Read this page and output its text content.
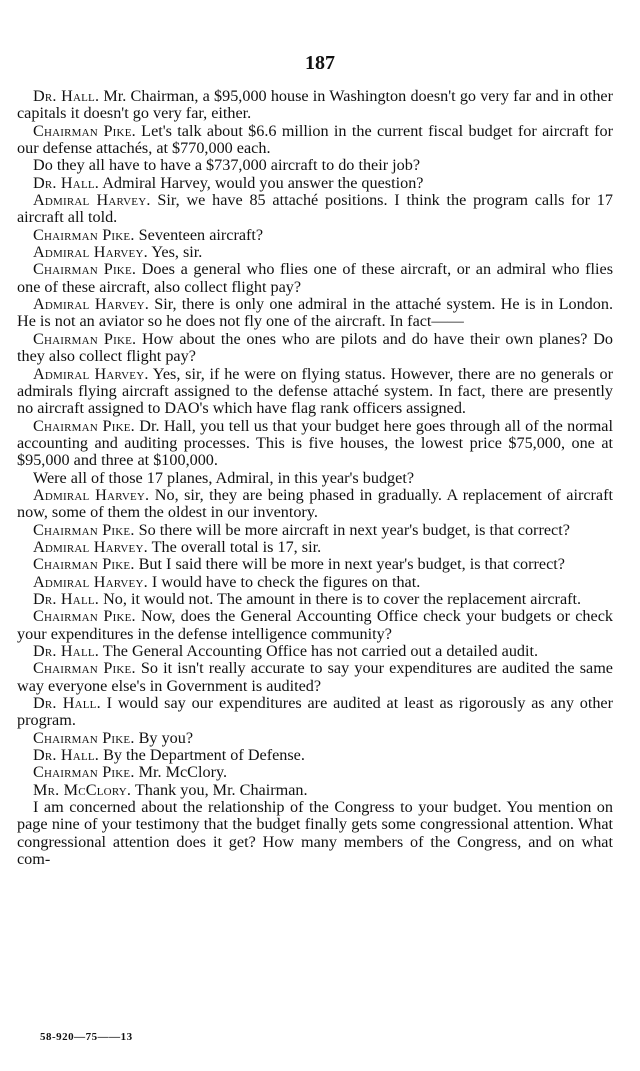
187

Dr. Hall. Mr. Chairman, a $95,000 house in Washington doesn't go very far and in other capitals it doesn't go very far, either.

Chairman Pike. Let's talk about $6.6 million in the current fiscal budget for aircraft for our defense attachés, at $770,000 each.

Do they all have to have a $737,000 aircraft to do their job?

Dr. Hall. Admiral Harvey, would you answer the question?

Admiral Harvey. Sir, we have 85 attaché positions. I think the program calls for 17 aircraft all told.

Chairman Pike. Seventeen aircraft?

Admiral Harvey. Yes, sir.

Chairman Pike. Does a general who flies one of these aircraft, or an admiral who flies one of these aircraft, also collect flight pay?

Admiral Harvey. Sir, there is only one admiral in the attaché system. He is in London. He is not an aviator so he does not fly one of the aircraft. In fact——

Chairman Pike. How about the ones who are pilots and do have their own planes? Do they also collect flight pay?

Admiral Harvey. Yes, sir, if he were on flying status. However, there are no generals or admirals flying aircraft assigned to the defense attaché system. In fact, there are presently no aircraft assigned to DAO's which have flag rank officers assigned.

Chairman Pike. Dr. Hall, you tell us that your budget here goes through all of the normal accounting and auditing processes. This is five houses, the lowest price $75,000, one at $95,000 and three at $100,000.

Were all of those 17 planes, Admiral, in this year's budget?

Admiral Harvey. No, sir, they are being phased in gradually. A replacement of aircraft now, some of them the oldest in our inventory.

Chairman Pike. So there will be more aircraft in next year's budget, is that correct?

Admiral Harvey. The overall total is 17, sir.

Chairman Pike. But I said there will be more in next year's budget, is that correct?

Admiral Harvey. I would have to check the figures on that.

Dr. Hall. No, it would not. The amount in there is to cover the replacement aircraft.

Chairman Pike. Now, does the General Accounting Office check your budgets or check your expenditures in the defense intelligence community?

Dr. Hall. The General Accounting Office has not carried out a detailed audit.

Chairman Pike. So it isn't really accurate to say your expenditures are audited the same way everyone else's in Government is audited?

Dr. Hall. I would say our expenditures are audited at least as rigorously as any other program.

Chairman Pike. By you?

Dr. Hall. By the Department of Defense.

Chairman Pike. Mr. McClory.

Mr. McClory. Thank you, Mr. Chairman.

I am concerned about the relationship of the Congress to your budget. You mention on page nine of your testimony that the budget finally gets some congressional attention. What congressional attention does it get? How many members of the Congress, and on what com-

58-920—75——13
